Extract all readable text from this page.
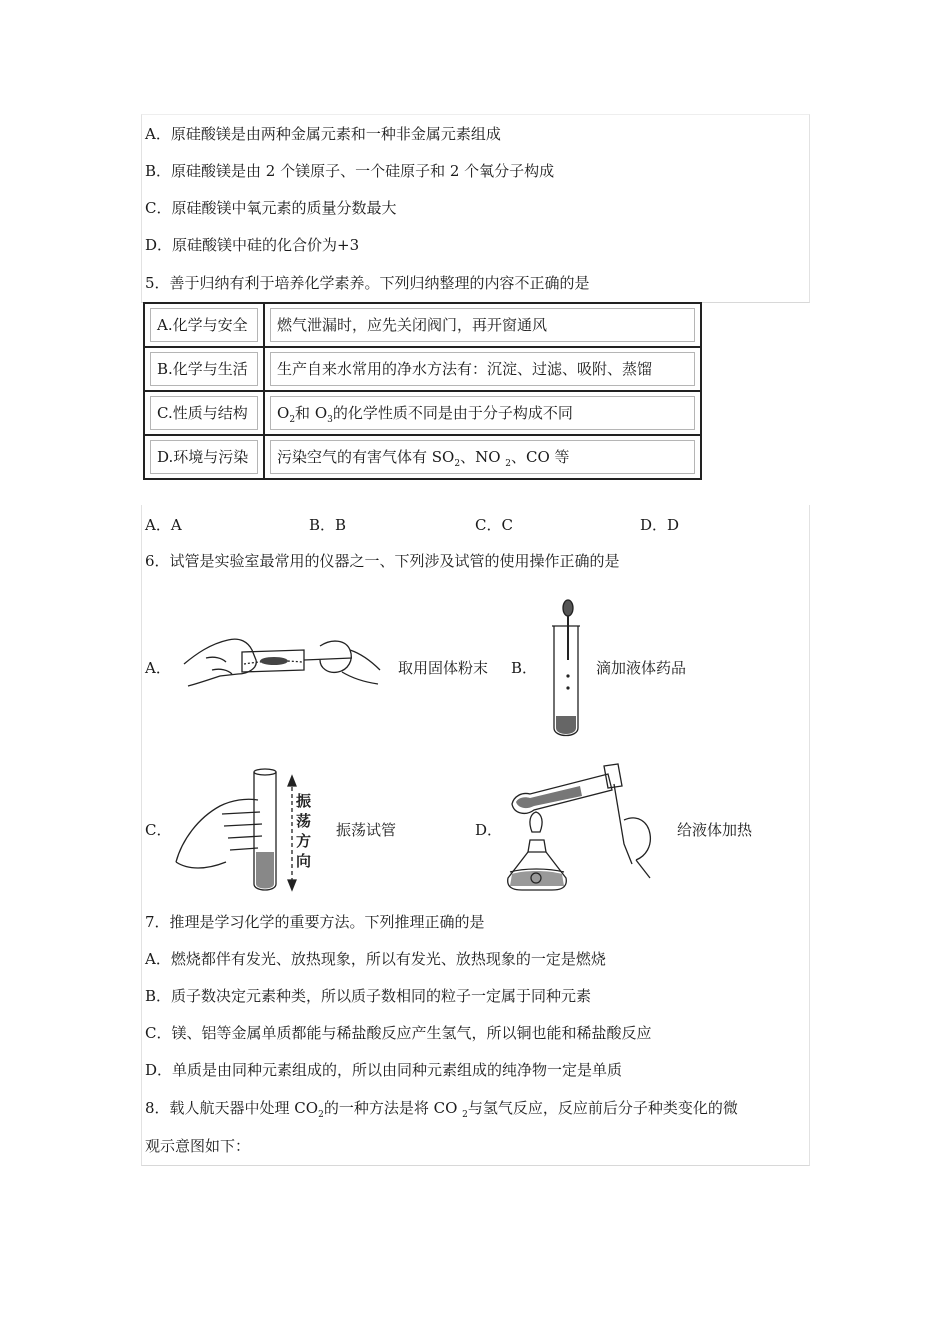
A．原硅酸镁是由两种金属元素和一种非金属元素组成
B．原硅酸镁是由 2 个镁原子、一个硅原子和 2 个氧分子构成
C．原硅酸镁中氧元素的质量分数最大
D．原硅酸镁中硅的化合价为+3
5．善于归纳有利于培养化学素养。下列归纳整理的内容不正确的是
A.化学与安全	燃气泄漏时，应先关闭阀门，再开窗通风

B.化学与生活	生产自来水常用的净水方法有：沉淀、过滤、吸附、蒸馏

C.性质与结构	$O_2$和 $O_3$的化学性质不同是由于分子构成不同

D.环境与污染	污染空气的有害气体有 $SO_2$、NO $_2$、CO 等
A．A	B．B	C．C	D．D
6．试管是实验室最常用的仪器之一、下列涉及试管的使用操作正确的是
A．	取用固体粉末 B．	滴加液体药品
C．
振
荡
方
向
振荡试管	D．	给液体加热
7．推理是学习化学的重要方法。下列推理正确的是
A．燃烧都伴有发光、放热现象，所以有发光、放热现象的一定是燃烧
B．质子数决定元素种类，所以质子数相同的粒子一定属于同种元素
C．镁、铝等金属单质都能与稀盐酸反应产生氢气，所以铜也能和稀盐酸反应
D．单质是由同种元素组成的，所以由同种元素组成的纯净物一定是单质
8．载人航天器中处理 $CO_2$的一种方法是将 CO $_2$与氢气反应，反应前后分子种类变化的微
观示意图如下：
